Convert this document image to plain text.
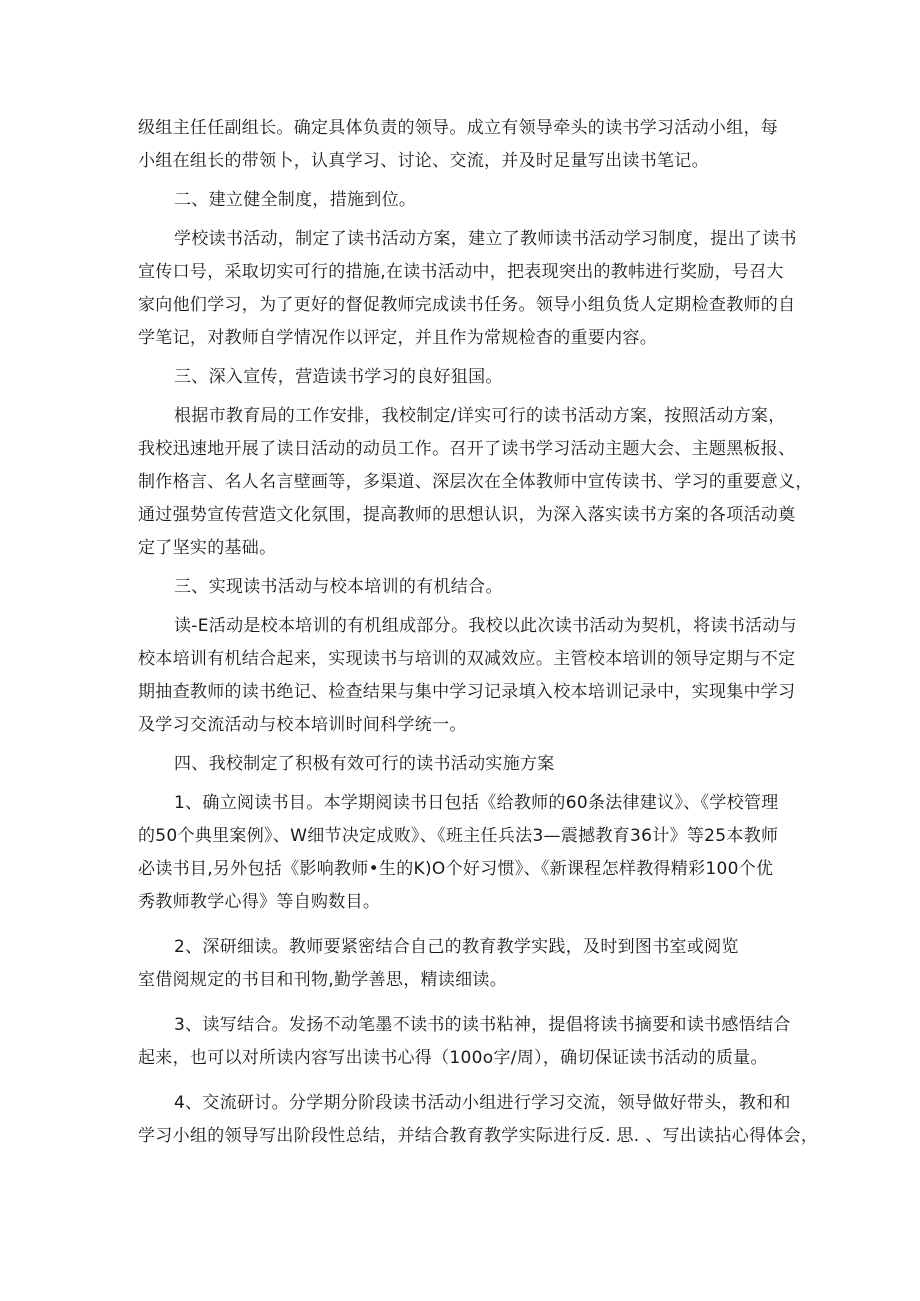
级组主任任副组长。确定具体负责的领导。成立有领导牵头的读书学习活动小组，每
小组在组长的带领卜，认真学习、讨论、交流，并及时足量写出读书笔记。
二、建立健全制度，措施到位。
学校读书活动，制定了读书活动方案，建立了教师读书活动学习制度，提出了读书
宣传口号，采取切实可行的措施,在读书活动中，把表现突出的教帏进行奖励，号召大
家向他们学习，为了更好的督促教师完成读书任务。领导小组负货人定期检查教师的自
学笔记，对教师自学情况作以评定，并且作为常规检杳的重要内容。
三、深入宣传，营造读书学习的良好狙国。
根据市教育局的工作安排，我校制定/详实可行的读书活动方案，按照活动方案，
我校迅速地开展了读日活动的动员工作。召开了读书学习活动主题大会、主题黑板报、
制作格言、名人名言壁画等，多渠道、深层次在全体教师中宣传读书、学习的重要意义，
通过强势宣传营造文化氛围，提高教师的思想认识，为深入落实读书方案的各项活动奠
定了坚实的基础。
三、实现读书活动与校本培训的有机结合。
读-E活动是校本培训的有机组成部分。我校以此次读书活动为契机，将读书活动与
校本培训有机结合起来，实现读书与培训的双减效应。主管校本培训的领导定期与不定
期抽查教师的读书绝记、检查结果与集中学习记录填入校本培训记录中，实现集中学习
及学习交流活动与校本培训时间科学统一。
四、我校制定了积极有效可行的读书活动实施方案
1、确立阅读书目。本学期阅读书日包括《给教师的60条法律建议》、《学校管理
的50个典里案例》、W细节决定成败》、《班主任兵法3—震撼教育36计》等25本教师
必读书目,另外包括《影响教师•生的K)O个好习惯》、《新课程怎样教得精彩100个优
秀教师教学心得》等自购数目。
2、深研细读。教师要紧密结合自己的教育教学实践，及时到图书室或阅览
室借阅规定的书目和刊物,勤学善思，精读细读。
3、读写结合。发扬不动笔墨不读书的读书粘神，提倡将读书摘要和读书感悟结合
起来，也可以对所读内容写出读书心得（100o字/周），确切保证读书活动的质量。
4、交流研讨。分学期分阶段读书活动小组进行学习交流，领导做好带头，教和和
学习小组的领导写出阶段性总结，并结合教育教学实际进行反. 思. 、写出读拈心得体会，
